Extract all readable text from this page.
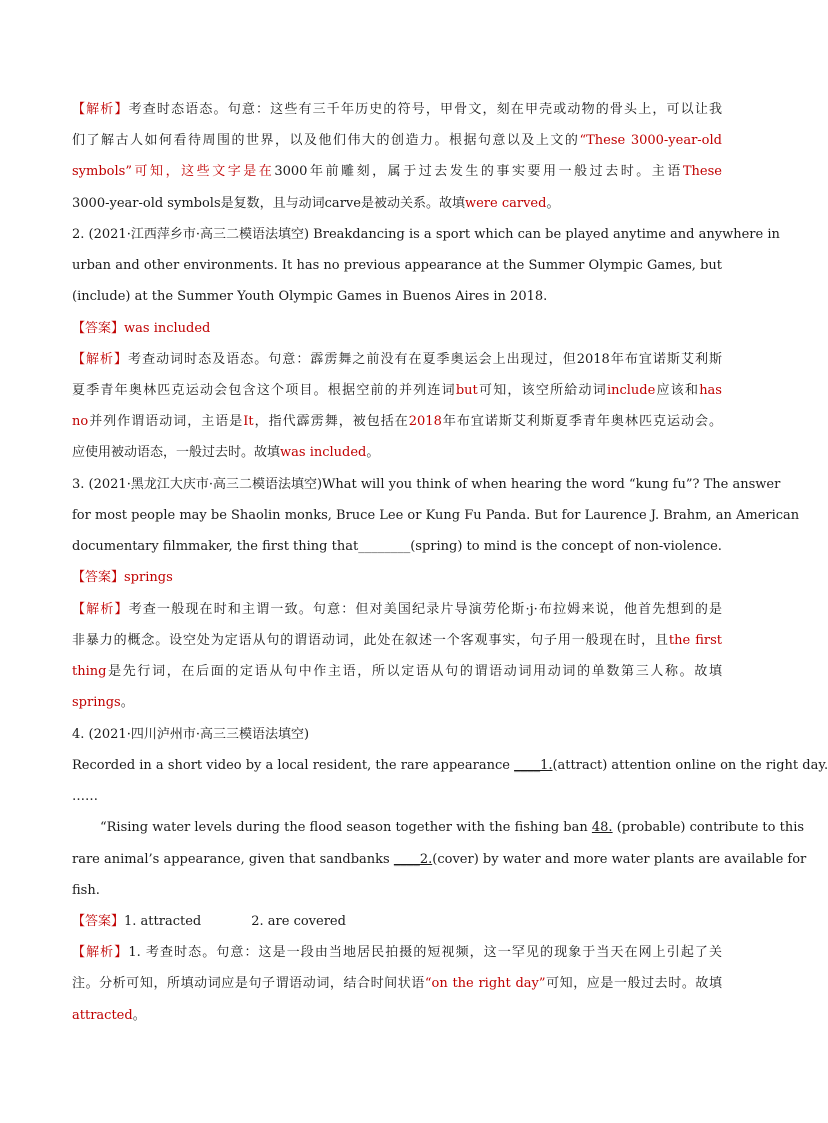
【解析】考查时态语态。句意：这些有三千年历史的符号，甲骨文，刻在甲壳或动物的骨头上，可以让我
们了解古人如何看待周围的世界，以及他们伟大的创造力。根据句意以及上文的“These 3000-year-old
symbols”可知，这些文字是在3000年前雕刻，属于过去发生的事实要用一般过去时。主语These
3000-year-old symbols是复数，且与动词carve是被动关系。故填were carved。
2. (2021·江西萍乡市·高三二模语法填空) Breakdancing is a sport which can be played anytime and anywhere in
urban and other environments. It has no previous appearance at the Summer Olympic Games, but
(include) at the Summer Youth Olympic Games in Buenos Aires in 2018.
【答案】was included
【解析】考查动词时态及语态。句意：霹雳舞之前没有在夏季奥运会上出现过，但2018年布宜诺斯艾利斯
夏季青年奥林匹克运动会包含这个项目。根据空前的并列连词but可知，该空所給动词include应该和has
no并列作谓语动词，主语是It，指代霹雳舞，被包括在2018年布宜诺斯艾利斯夏季青年奥林匹克运动会。
应使用被动语态，一般过去时。故填was included。
3. (2021·黑龙江大庆市·高三二模语法填空)What will you think of when hearing the word “kung fu”? The answer
for most people may be Shaolin monks, Bruce Lee or Kung Fu Panda. But for Laurence J. Brahm, an American
documentary filmmaker, the first thing that________(spring) to mind is the concept of non-violence.
【答案】springs
【解析】考查一般现在时和主谓一致。句意：但对美国纪录片导演劳伦斯·j·布拉姆来说，他首先想到的是
非暴力的概念。设空处为定语从句的谓语动词，此处在叙述一个客观事实，句子用一般现在时，且the first
thing是先行词，在后面的定语从句中作主语，所以定语从句的谓语动词用动词的单数第三人称。故填
springs。
4. (2021·四川泸州市·高三三模语法填空)
Recorded in a short video by a local resident, the rare appearance ____1.(attract) attention online on the right day.
……
“Rising water levels during the flood season together with the fishing ban 48. (probable) contribute to this
rare animal’s appearance, given that sandbanks ____2.(cover) by water and more water plants are available for
fish.
【答案】1. attracted	2. are covered
【解析】1. 考查时态。句意：这是一段由当地居民拍摄的短视频，这一罕见的现象于当天在网上引起了关
注。分析可知，所填动词应是句子谓语动词，结合时间状语“on the right day”可知，应是一般过去时。故填
attracted。
